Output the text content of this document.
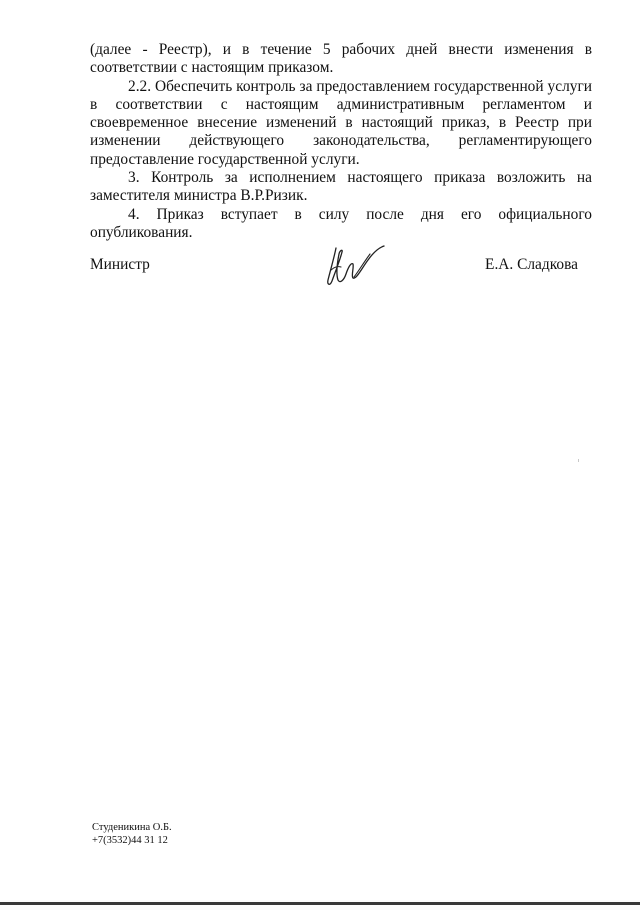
(далее - Реестр), и в течение 5 рабочих дней внести изменения в соответствии с настоящим приказом.

2.2. Обеспечить контроль за предоставлением государственной услуги в соответствии с настоящим административным регламентом и своевременное внесение изменений в настоящий приказ, в Реестр при изменении действующего законодательства, регламентирующего предоставление государственной услуги.

3. Контроль за исполнением настоящего приказа возложить на заместителя министра В.Р.Ризик.

4. Приказ вступает в силу после дня его официального опубликования.

Министр	Е.А. Сладкова
Студеникина О.Б.
+7(3532)44 31 12
